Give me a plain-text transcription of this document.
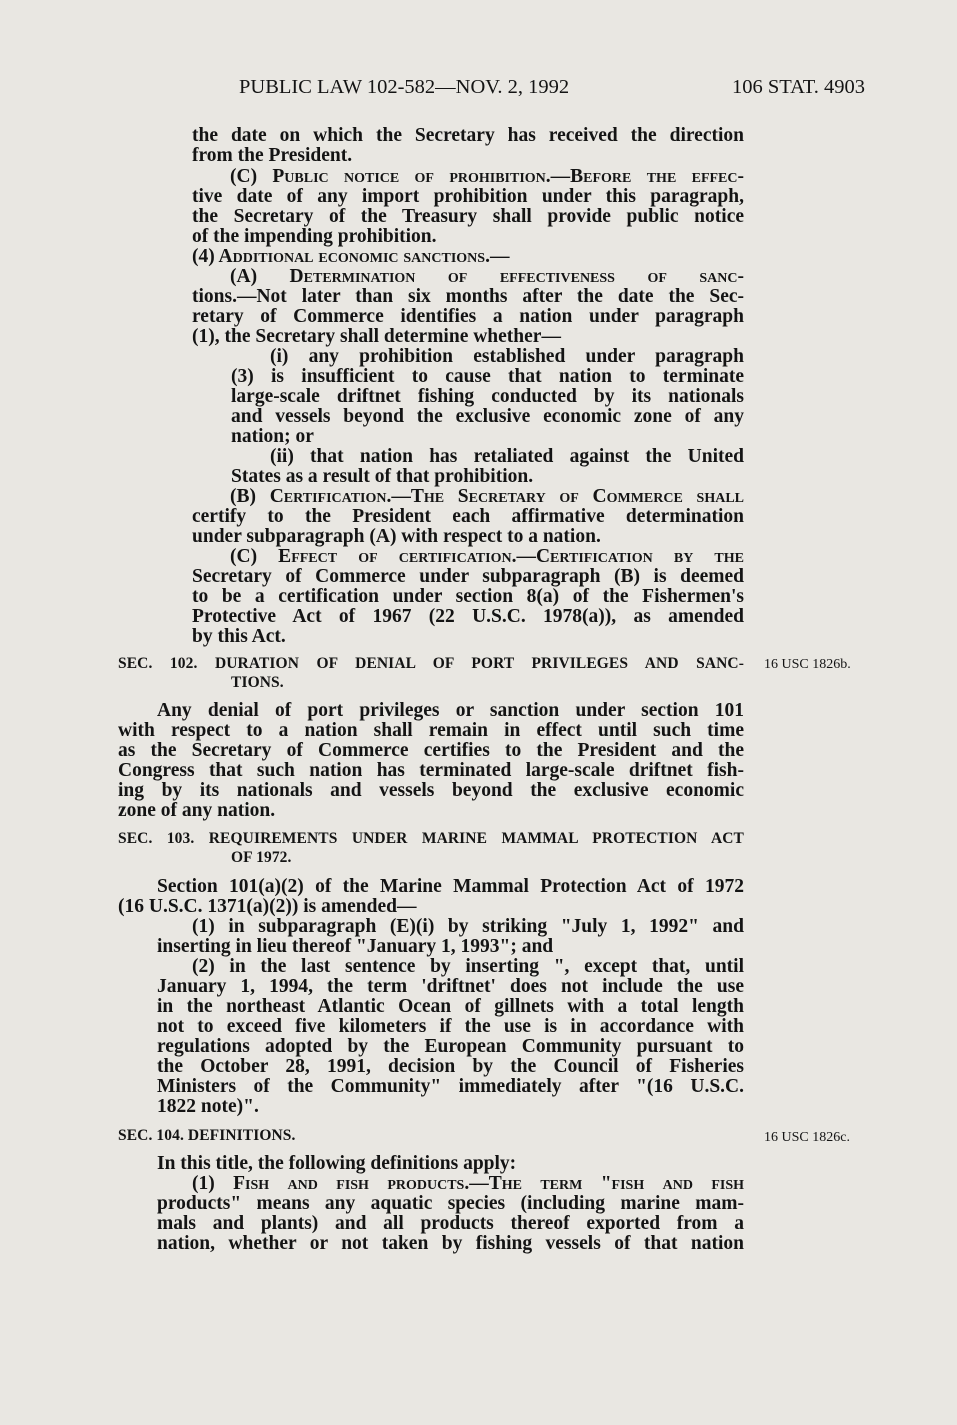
PUBLIC LAW 102-582—NOV. 2, 1992	106 STAT. 4903
the date on which the Secretary has received the direction
from the President.
(C) Public notice of prohibition.—Before the effec-
tive date of any import prohibition under this paragraph,
the Secretary of the Treasury shall provide public notice
of the impending prohibition.
(4) Additional economic sanctions.—
(A) Determination of effectiveness of sanc-
tions.—Not later than six months after the date the Sec-
retary of Commerce identifies a nation under paragraph
(1), the Secretary shall determine whether—
(i) any prohibition established under paragraph
(3) is insufficient to cause that nation to terminate
large-scale driftnet fishing conducted by its nationals
and vessels beyond the exclusive economic zone of any
nation; or
(ii) that nation has retaliated against the United
States as a result of that prohibition.
(B) Certification.—The Secretary of Commerce shall
certify to the President each affirmative determination
under subparagraph (A) with respect to a nation.
(C) Effect of certification.—Certification by the
Secretary of Commerce under subparagraph (B) is deemed
to be a certification under section 8(a) of the Fishermen's
Protective Act of 1967 (22 U.S.C. 1978(a)), as amended
by this Act.
SEC. 102. DURATION OF DENIAL OF PORT PRIVILEGES AND SANC-
TIONS.
Any denial of port privileges or sanction under section 101
with respect to a nation shall remain in effect until such time
as the Secretary of Commerce certifies to the President and the
Congress that such nation has terminated large-scale driftnet fish-
ing by its nationals and vessels beyond the exclusive economic
zone of any nation.
SEC. 103. REQUIREMENTS UNDER MARINE MAMMAL PROTECTION ACT
OF 1972.
Section 101(a)(2) of the Marine Mammal Protection Act of 1972
(16 U.S.C. 1371(a)(2)) is amended—
(1) in subparagraph (E)(i) by striking "July 1, 1992" and
inserting in lieu thereof "January 1, 1993"; and
(2) in the last sentence by inserting ", except that, until
January 1, 1994, the term 'driftnet' does not include the use
in the northeast Atlantic Ocean of gillnets with a total length
not to exceed five kilometers if the use is in accordance with
regulations adopted by the European Community pursuant to
the October 28, 1991, decision by the Council of Fisheries
Ministers of the Community" immediately after "(16 U.S.C.
1822 note)".
SEC. 104. DEFINITIONS.
In this title, the following definitions apply:
(1) Fish and fish products.—The term "fish and fish
products" means any aquatic species (including marine mam-
mals and plants) and all products thereof exported from a
nation, whether or not taken by fishing vessels of that nation
16 USC 1826b.
16 USC 1826c.
